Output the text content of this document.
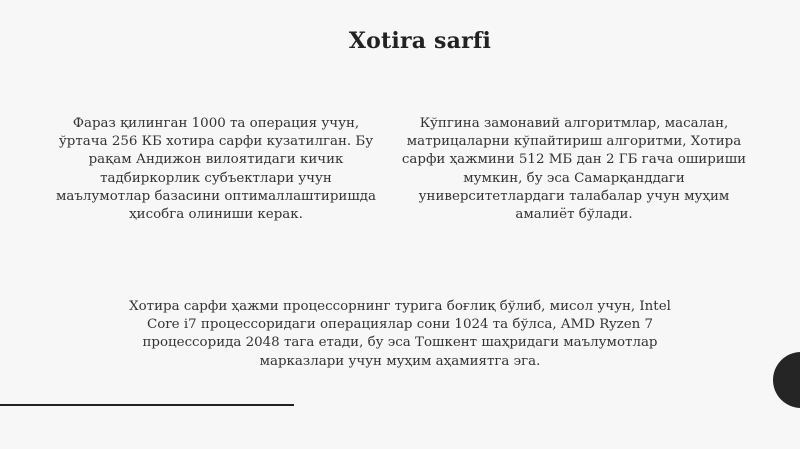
Xotira sarfi

Фараз қилинган 1000 та операция учун, ўртача 256 КБ хотира сарфи кузатилган. Бу рақам Андижон вилоятидаги кичик тадбиркорлик субъектлари учун маълумотлар базасини оптималлаштиришда ҳисобга олиниши керак.

Кўпгина замонавий алгоритмлар, масалан, матрицаларни кўпайтириш алгоритми, Хотира сарфи ҳажмини 512 МБ дан 2 ГБ гача ошириши мумкин, бу эса Самарқанддаги университетлардаги талабалар учун муҳим амалиёт бўлади.

Хотира сарфи ҳажми процессорнинг турига боғлиқ бўлиб, мисол учун, Intel Core i7 процессоридаги операциялар сони 1024 та бўлса, AMD Ryzen 7 процессорида 2048 тага етади, бу эса Тошкент шаҳридаги маълумотлар марказлари учун муҳим аҳамиятга эга.
